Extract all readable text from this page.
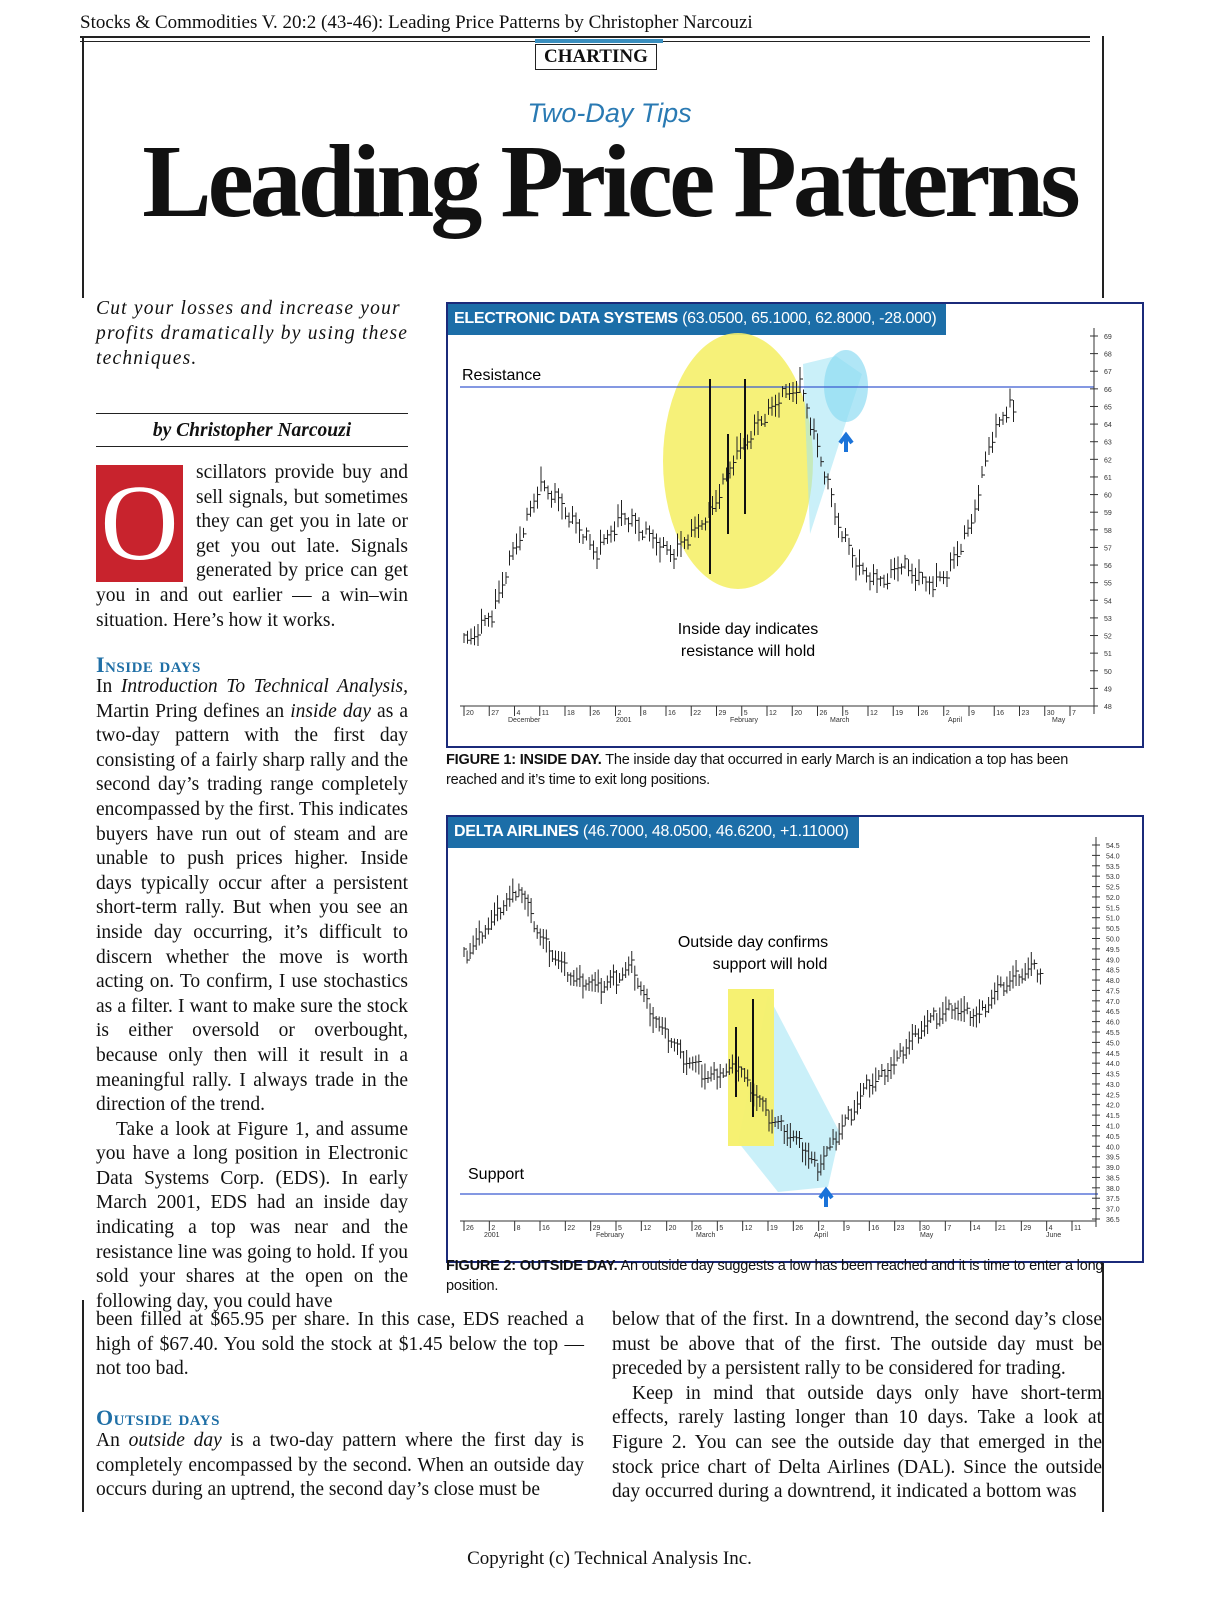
Stocks & Commodities V. 20:2 (43-46): Leading Price Patterns by Christopher Narcouzi
CHARTING
Two-Day Tips
Leading Price Patterns
Cut your losses and increase your profits dramatically by using these techniques.
by Christopher Narcouzi
O scillators provide buy and sell signals, but sometimes they can get you in late or get you out late. Signals generated by price can get you in and out earlier — a win–win situation. Here’s how it works.

Inside days

In Introduction To Technical Analysis, Martin Pring defines an inside day as a two-day pattern with the first day consisting of a fairly sharp rally and the second day’s trading range completely encompassed by the first. This indicates buyers have run out of steam and are unable to push prices higher. Inside days typically occur after a persistent short-term rally. But when you see an inside day occurring, it’s difficult to discern whether the move is worth acting on. To confirm, I use stochastics as a filter. I want to make sure the stock is either oversold or overbought, because only then will it result in a meaningful rally. I always trade in the direction of the trend.

Take a look at Figure 1, and assume you have a long position in Electronic Data Systems Corp. (EDS). In early March 2001, EDS had an inside day indicating a top was near and the resistance line was going to hold. If you sold your shares at the open on the following day, you could have

been filled at $65.95 per share. In this case, EDS reached a high of $67.40. You sold the stock at $1.45 below the top — not too bad.
Outside days

An outside day is a two-day pattern where the first day is completely encompassed by the second. When an outside day occurs during an uptrend, the second day’s close must be

below that of the first. In a downtrend, the second day’s close must be above that of the first. The outside day must be preceded by a persistent rally to be considered for trading.

Keep in mind that outside days only have short-term effects, rarely lasting longer than 10 days. Take a look at Figure 2. You can see the outside day that emerged in the stock price chart of Delta Airlines (DAL). Since the outside day occurred during a downtrend, it indicated a bottom was

ELECTRONIC DATA SYSTEMS (63.0500, 65.1000, 62.8000, -28.000)
Resistance
Inside day indicates
resistance will hold
69
68
67
66
65
64
63
62
61
60
59
58
57
56
55
54
53
52
51
50
49
48
20 27 4	11	18 26 2	8	16 22 29 5	12 20 26 5	12 19 26 2	9	16 23 30 7
December	2001	February	March	April	May
FIGURE 1: INSIDE DAY. The inside day that occurred in early March is an indication a top has been reached and it’s time to exit long positions.
DELTA AIRLINES (46.7000, 48.0500, 46.6200, +1.11000)
Support
Outside day confirms
support will hold
54.5
54.0
53.5
53.0
52.5
52.0
51.5
51.0
50.5
50.0
49.5
49.0
48.5
48.0
47.5
47.0
46.5
46.0
45.5
45.0
44.5
44.0
43.5
43.0
42.5
42.0
41.5
41.0
40.5
40.0
39.5
39.0
38.5
38.0
37.5
37.0
36.5
26	2	8	16	22	29	5	12	20	26	5	12	19	26	2	9	16	23	30	7	14	21	29	4	11
2001	February	March	April	May	June
FIGURE 2: OUTSIDE DAY. An outside day suggests a low has been reached and it is time to enter a long position.
Copyright (c) Technical Analysis Inc.
